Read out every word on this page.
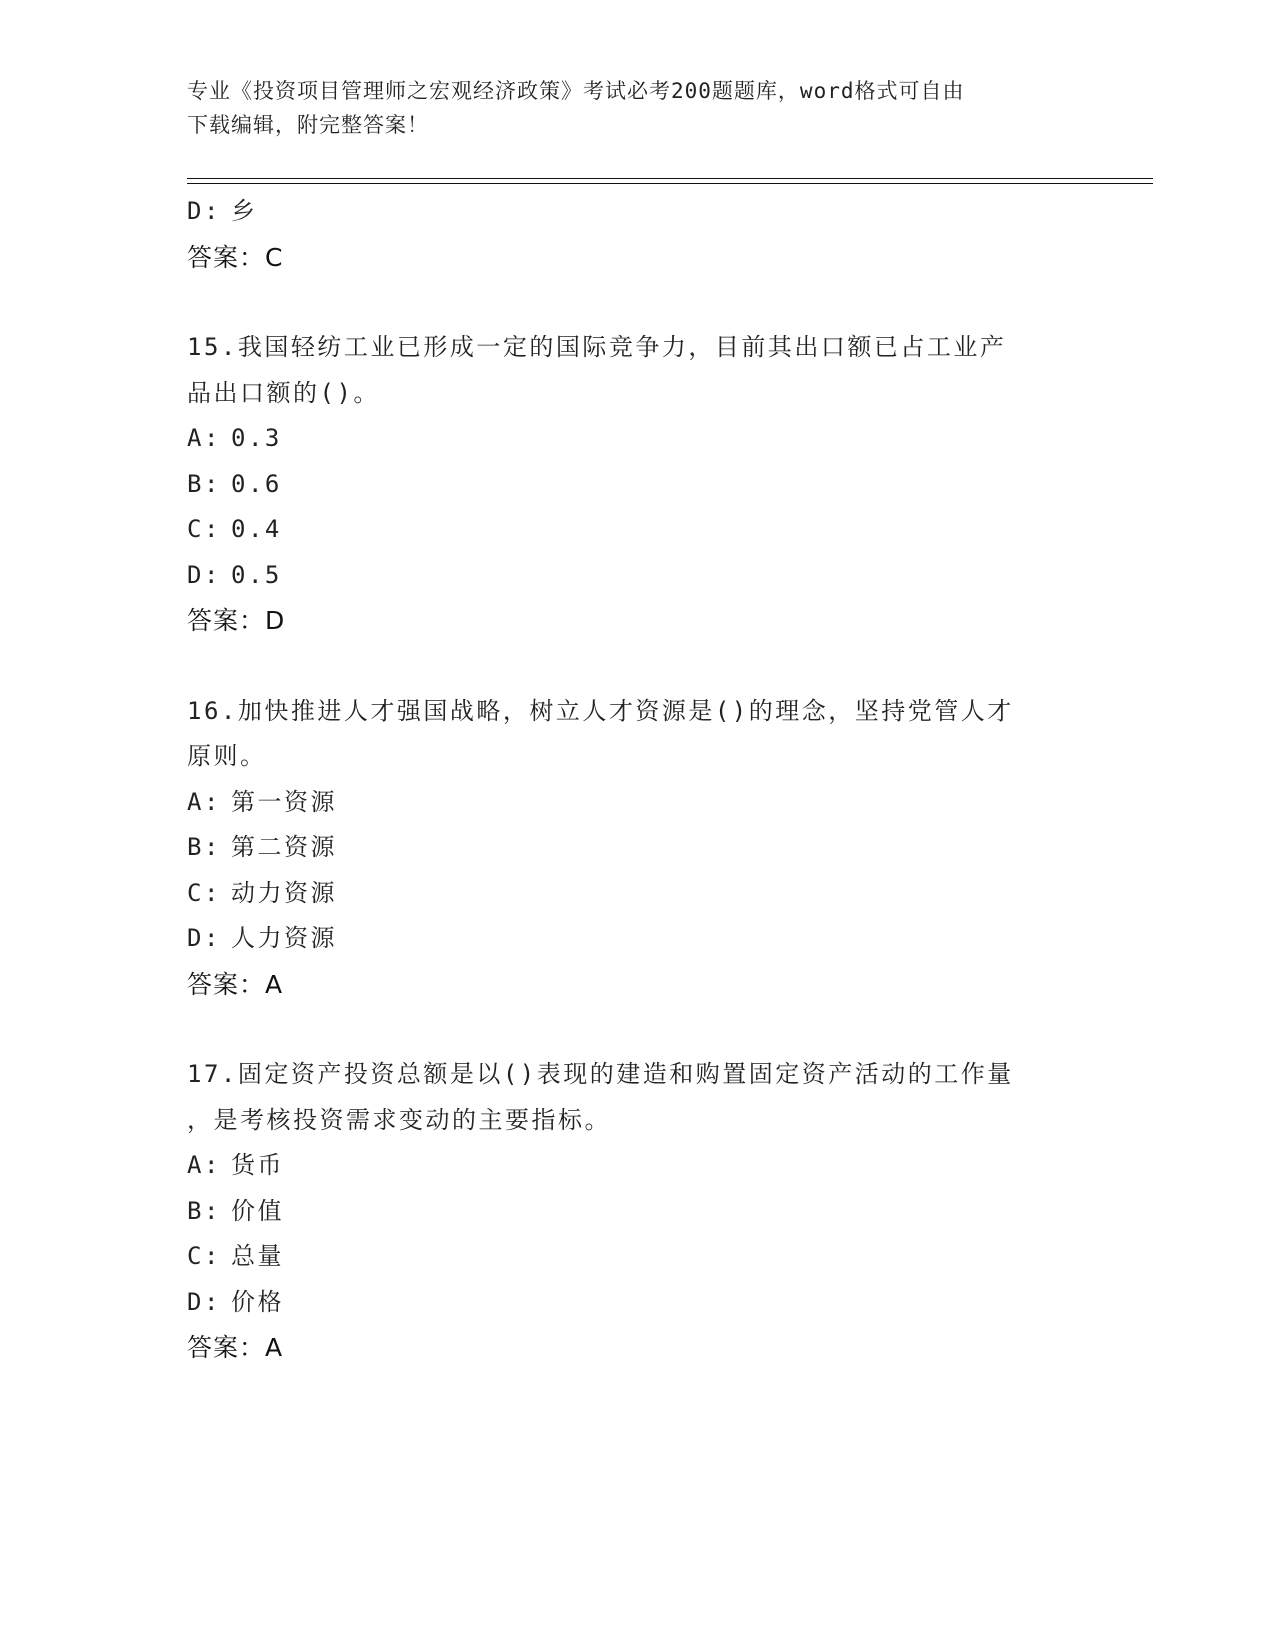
专业《投资项目管理师之宏观经济政策》考试必考200题题库，word格式可自由
下载编辑，附完整答案！
D: 乡
答案：C
15.我国轻纺工业已形成一定的国际竞争力，目前其出口额已占工业产
品出口额的()。
A: 0.3
B: 0.6
C: 0.4
D: 0.5
答案：D
16.加快推进人才强国战略，树立人才资源是()的理念，坚持党管人才
原则。
A: 第一资源
B: 第二资源
C: 动力资源
D: 人力资源
答案：A
17.固定资产投资总额是以()表现的建造和购置固定资产活动的工作量
，是考核投资需求变动的主要指标。
A: 货币
B: 价值
C: 总量
D: 价格
答案：A
